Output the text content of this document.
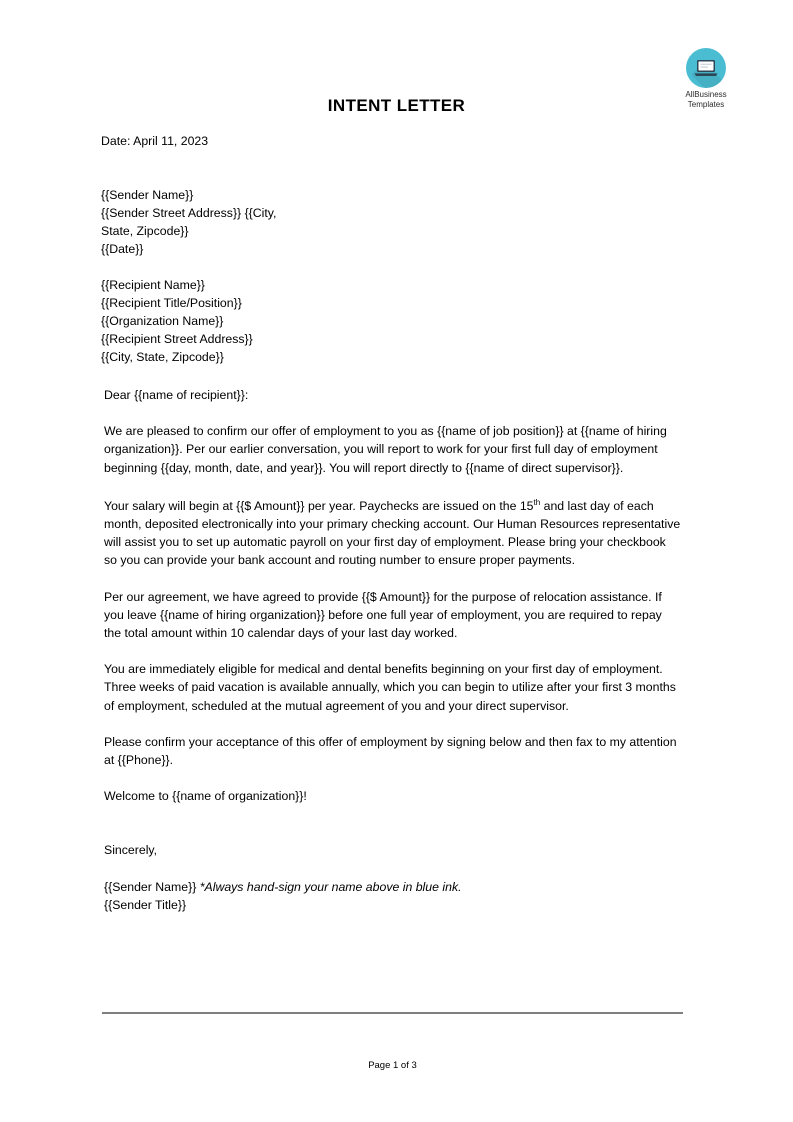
AllBusiness
Templates
INTENT LETTER
Date: April 11, 2023
{{Sender Name}}
{{Sender Street Address}} {{City,
State, Zipcode}}
{{Date}}
{{Recipient Name}}
{{Recipient Title/Position}}
{{Organization Name}}
{{Recipient Street Address}}
{{City, State, Zipcode}}
Dear {{name of recipient}}:
We are pleased to confirm our offer of employment to you as {{name of job position}} at {{name of hiring organization}}. Per our earlier conversation, you will report to work for your first full day of employment beginning {{day, month, date, and year}}. You will report directly to {{name of direct supervisor}}.
Your salary will begin at {{$ Amount}} per year. Paychecks are issued on the 15th and last day of each month, deposited electronically into your primary checking account. Our Human Resources representative will assist you to set up automatic payroll on your first day of employment. Please bring your checkbook so you can provide your bank account and routing number to ensure proper payments.
Per our agreement, we have agreed to provide {{$ Amount}} for the purpose of relocation assistance. If you leave {{name of hiring organization}} before one full year of employment, you are required to repay the total amount within 10 calendar days of your last day worked.
You are immediately eligible for medical and dental benefits beginning on your first day of employment. Three weeks of paid vacation is available annually, which you can begin to utilize after your first 3 months of employment, scheduled at the mutual agreement of you and your direct supervisor.
Please confirm your acceptance of this offer of employment by signing below and then fax to my attention at {{Phone}}.
Welcome to {{name of organization}}!
Sincerely,
{{Sender Name}} *Always hand-sign your name above in blue ink.
{{Sender Title}}
Page 1 of 3
